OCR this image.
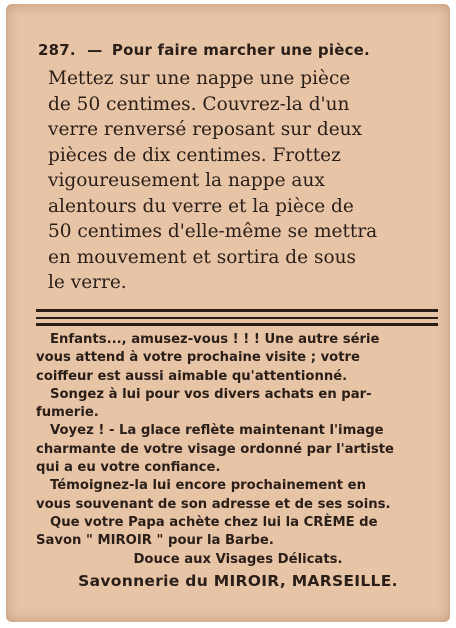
287. — Pour faire marcher une pièce.
Mettez sur une nappe une pièce
de 50 centimes. Couvrez-la d'un
verre renversé reposant sur deux
pièces de dix centimes. Frottez
vigoureusement la nappe aux
alentours du verre et la pièce de
50 centimes d'elle-même se mettra
en mouvement et sortira de sous
le verre.

Enfants..., amusez-vous ! ! ! Une autre série
vous attend à votre prochaine visite ; votre
coiffeur est aussi aimable qu'attentionné.

Songez à lui pour vos divers achats en par-
fumerie.

Voyez ! - La glace reflète maintenant l'image
charmante de votre visage ordonné par l'artiste
qui a eu votre confiance.

Témoignez-la lui encore prochainement en
vous souvenant de son adresse et de ses soins.

Que votre Papa achète chez lui la CRÈME de
Savon " MIROIR " pour la Barbe.

Douce aux Visages Délicats.

Savonnerie du MIROIR, MARSEILLE.
